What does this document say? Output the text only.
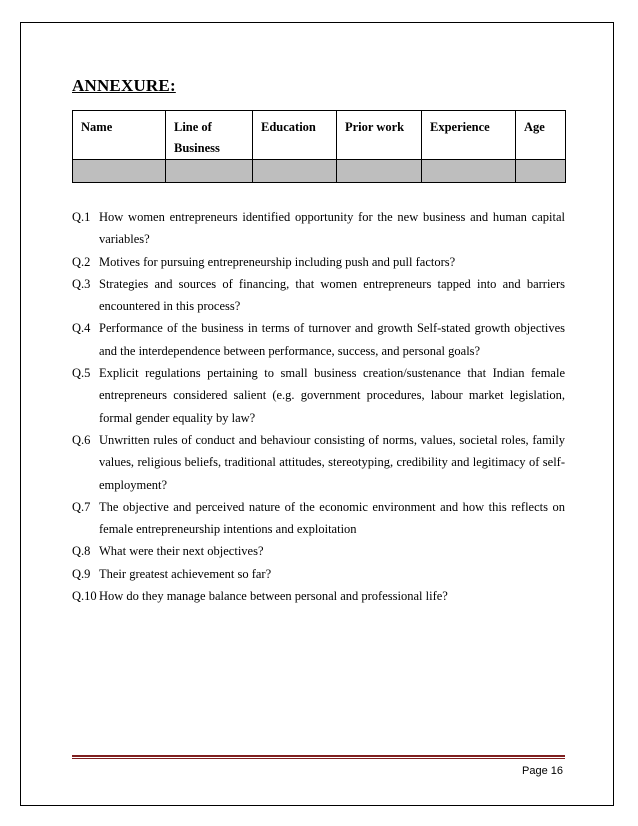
ANNEXURE:
Name	Line of Business	Education	Prior work	Experience	Age

Q.1 How women entrepreneurs identified opportunity for the new business and human capital variables?
Q.2 Motives for pursuing entrepreneurship including push and pull factors?
Q.3 Strategies and sources of financing, that women entrepreneurs tapped into and barriers encountered in this process?
Q.4 Performance of the business in terms of turnover and growth Self-stated growth objectives and the interdependence between performance, success, and personal goals?
Q.5 Explicit regulations pertaining to small business creation/sustenance that Indian female entrepreneurs considered salient (e.g. government procedures, labour market legislation, formal gender equality by law?
Q.6 Unwritten rules of conduct and behaviour consisting of norms, values, societal roles, family values, religious beliefs, traditional attitudes, stereotyping, credibility and legitimacy of self-employment?
Q.7 The objective and perceived nature of the economic environment and how this reflects on female entrepreneurship intentions and exploitation
Q.8 What were their next objectives?
Q.9 Their greatest achievement so far?
Q.10 How do they manage balance between personal and professional life?
Page 16
